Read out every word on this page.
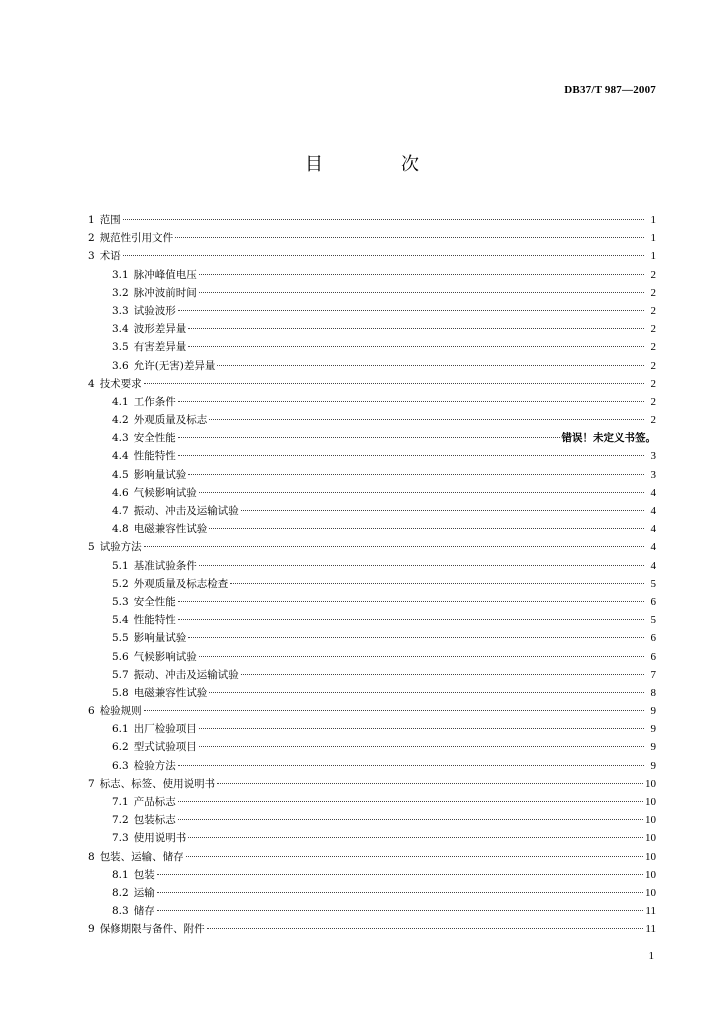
DB37/T 987—2007
目　次
1 范围	1
2 规范性引用文件	1
3 术语	1
3.1 脉冲峰值电压	2
3.2 脉冲波前时间	2
3.3 试验波形	2
3.4 波形差异量	2
3.5 有害差异量	2
3.6 允许(无害)差异量	2
4 技术要求	2
4.1 工作条件	2
4.2 外观质量及标志	2
4.3 安全性能	错误！未定义书签。
4.4 性能特性	3
4.5 影响量试验	3
4.6 气候影响试验	4
4.7 振动、冲击及运输试验	4
4.8 电磁兼容性试验	4
5 试验方法	4
5.1 基准试验条件	4
5.2 外观质量及标志检查	5
5.3 安全性能	6
5.4 性能特性	5
5.5 影响量试验	6
5.6 气候影响试验	6
5.7 振动、冲击及运输试验	7
5.8 电磁兼容性试验	8
6 检验规则	9
6.1 出厂检验项目	9
6.2 型式试验项目	9
6.3 检验方法	9
7 标志、标签、使用说明书	10
7.1 产品标志	10
7.2 包装标志	10
7.3 使用说明书	10
8 包装、运输、储存	10
8.1 包装	10
8.2 运输	10
8.3 储存	11
9 保修期限与备件、附件	11
1
